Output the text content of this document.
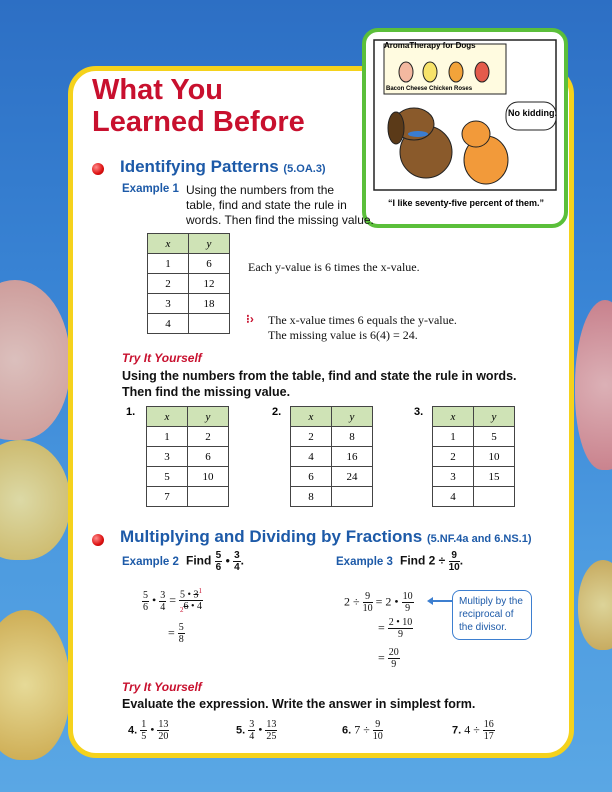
What You
Learned Before
AromaTherapy for Dogs
Bacon Cheese Chicken Roses
No kidding.
“I like seventy-five percent of them.”
Identifying Patterns (5.OA.3)
Example 1 Using the numbers from the
table, find and state the rule in
words. Then find the missing value.
x	y
1	6
2	12
3	18
4	
Each y-value is 6 times the x-value.
⁝› The x-value times 6 equals the y-value.
The missing value is 6(4) = 24.
Try It Yourself
Using the numbers from the table, find and state the rule in words.
Then find the missing value.
1.	x	y
1	2
3	6
5	10
7	
2. x	y
2	8
4	16
6	24
8	
3. x	y
1	5
2	10
3	15
4	
Multiplying and Dividing by Fractions (5.NF.4a and 6.NS.1)
Example 2 Find $\frac{5}{6}$ • $\frac{3}{4}$ .
$\frac{5}{6}$ • $\frac{3}{4} = \frac{5 • 3^1}{_26 • 4}$
= $\frac{5}{8}$
Example 3 Find $2 \div \frac{9}{10}$ .
$2 \div \frac{9}{10} = 2$ • $\frac{10}{9}$
= $\frac{2 • 10}{9}$
= $\frac{20}{9}$
Multiply by the reciprocal of the divisor.
Try It Yourself
Evaluate the expression. Write the answer in simplest form.
4. $\frac{1}{5}$ • $\frac{13}{20}$	5. $\frac{3}{4}$ • $\frac{13}{25}$	6. $7 \div \frac{9}{10}$	7. $4 \div \frac{16}{17}$
